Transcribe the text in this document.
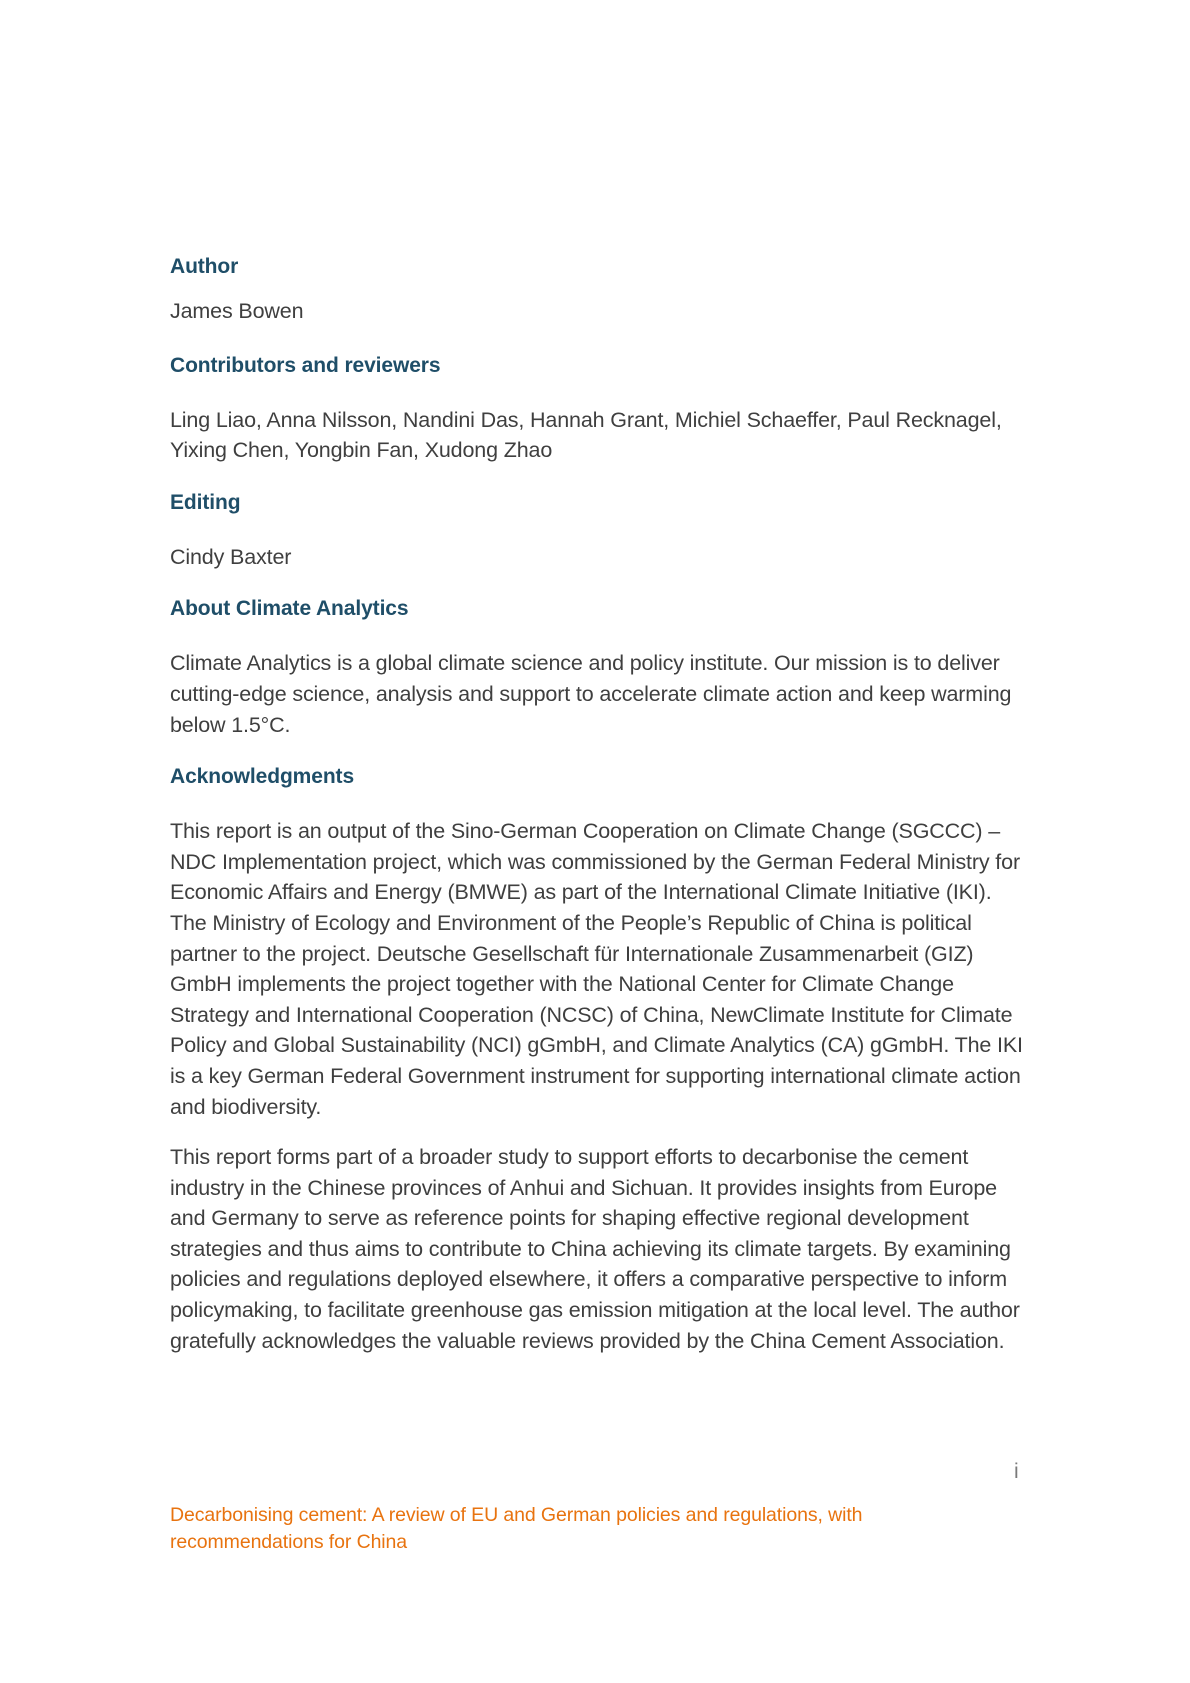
Author

James Bowen

Contributors and reviewers

Ling Liao, Anna Nilsson, Nandini Das, Hannah Grant, Michiel Schaeffer, Paul Recknagel, Yixing Chen, Yongbin Fan, Xudong Zhao

Editing

Cindy Baxter

About Climate Analytics

Climate Analytics is a global climate science and policy institute. Our mission is to deliver cutting-edge science, analysis and support to accelerate climate action and keep warming below 1.5°C.

Acknowledgments

This report is an output of the Sino-German Cooperation on Climate Change (SGCCC) – NDC Implementation project, which was commissioned by the German Federal Ministry for Economic Affairs and Energy (BMWE) as part of the International Climate Initiative (IKI). The Ministry of Ecology and Environment of the People’s Republic of China is political partner to the project. Deutsche Gesellschaft für Internationale Zusammenarbeit (GIZ) GmbH implements the project together with the National Center for Climate Change Strategy and International Cooperation (NCSC) of China, NewClimate Institute for Climate Policy and Global Sustainability (NCI) gGmbH, and Climate Analytics (CA) gGmbH. The IKI is a key German Federal Government instrument for supporting international climate action and biodiversity.

This report forms part of a broader study to support efforts to decarbonise the cement industry in the Chinese provinces of Anhui and Sichuan. It provides insights from Europe and Germany to serve as reference points for shaping effective regional development strategies and thus aims to contribute to China achieving its climate targets. By examining policies and regulations deployed elsewhere, it offers a comparative perspective to inform policymaking, to facilitate greenhouse gas emission mitigation at the local level. The author gratefully acknowledges the valuable reviews provided by the China Cement Association.

i

Decarbonising cement: A review of EU and German policies and regulations, with recommendations for China
